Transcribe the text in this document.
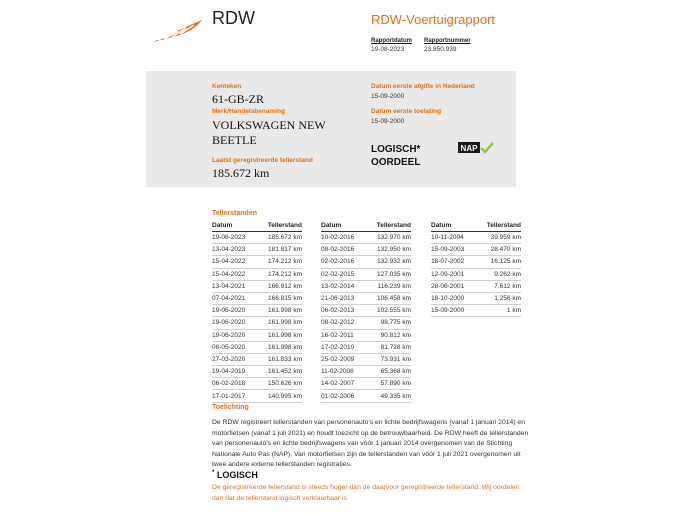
RDW	RDW-Voertuigrapport
Rapportdatum
19-08-2023
Rapportnummer
23.850.939
Kenteken
61-GB-ZR
Merk/Handelsbenaming
VOLKSWAGEN NEW
BEETLE
Laatst geregistreerde tellerstand
185.672 km
Datum eerste afgifte in Nederland
15-09-2000
Datum eerste toelating
15-09-2000
LOGISCH*
OORDEEL
NAP
Tellerstanden
Datum	Tellerstand
19-08-2023	185.672 km
13-04-2023	181.817 km
15-04-2022	174.212 km
15-04-2022	174.212 km
13-04-2021	166.912 km
07-04-2021	166.815 km
19-06-2020	161.998 km
19-06-2020	161.998 km
19-06-2020	161.998 km
08-05-2020	161.998 km
27-03-2020	161.833 km
19-04-2019	161.452 km
06-02-2018	150.626 km
17-01-2017	140.995 km
Datum	Tellerstand
10-02-2016	132.970 km
08-02-2016	132.950 km
02-02-2016	132.932 km
02-02-2015	127.035 km
13-02-2014	116.239 km
21-06-2013	106.458 km
06-02-2013	102.555 km
08-02-2012	98.775 km
16-02-2011	90.812 km
17-02-2010	81.728 km
25-02-2009	73.931 km
11-02-2008	65.368 km
14-02-2007	57.890 km
01-02-2006	49.335 km
Datum	Tellerstand
10-11-2004	39.959 km
15-09-2003	28.470 km
18-07-2002	16.125 km
12-09-2001	9.262 km
28-06-2001	7.612 km
18-10-2000	1.256 km
15-09-2000	1 km
Toelichting
De RDW registreert tellerstanden van personenauto's en lichte bedrijfswagens (vanaf 1 januari 2014) en motorfietsen (vanaf 1 juli 2021) en houdt toezicht op de betrouwbaarheid. De RDW heeft de tellerstanden van personenauto's en lichte bedrijfswagens van vóór 1 januari 2014 overgenomen van de Stichting Nationale Auto Pas (NAP). Van motorfietsen zijn de tellerstanden van vóór 1 juli 2021 overgenomen uit twee andere externe tellerstanden registraties.
* LOGISCH
De geregistreerde tellerstand is steeds hoger dan de daarvoor geregistreerde tellerstand. Wij oordelen dan dat de tellerstand logisch verklaarbaar is.
